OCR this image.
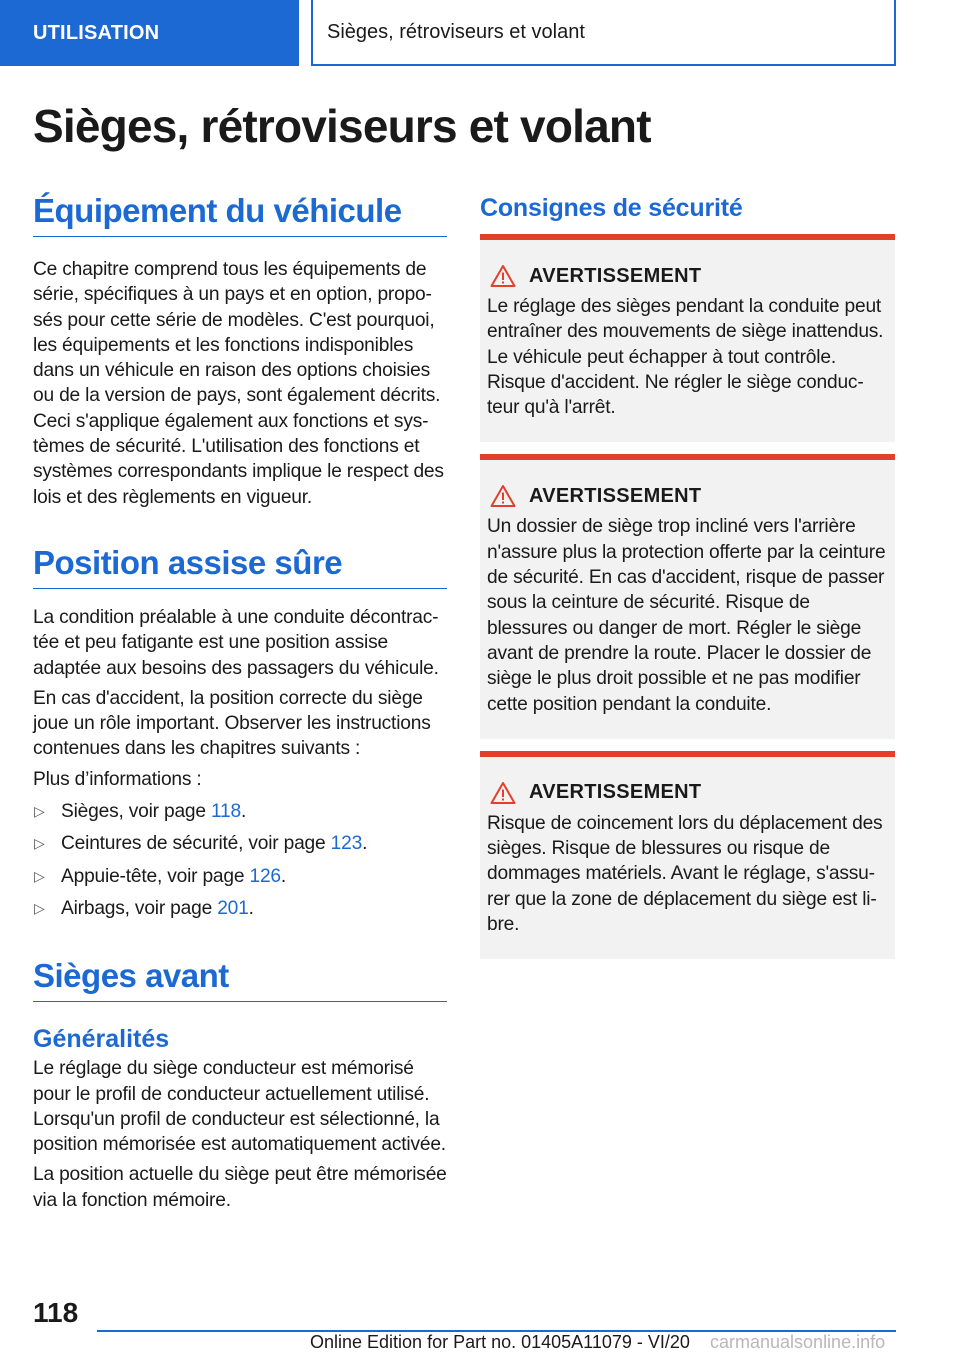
UTILISATION	Sièges, rétroviseurs et volant
Sièges, rétroviseurs et volant
Équipement du véhicule

Ce chapitre comprend tous les équipements de série, spécifiques à un pays et en option, proposés pour cette série de modèles. C'est pourquoi, les équipements et les fonctions indisponibles dans un véhicule en raison des options choisies ou de la version de pays, sont également décrits. Ceci s'applique également aux fonctions et systèmes de sécurité. L'utilisation des fonctions et systèmes correspondants implique le respect des lois et des règlements en vigueur.

Position assise sûre

La condition préalable à une conduite décontractée et peu fatigante est une position assise adaptée aux besoins des passagers du véhicule.

En cas d'accident, la position correcte du siège joue un rôle important. Observer les instructions contenues dans les chapitres suivants :

Plus d’informations :

▷ Sièges, voir page 118.
▷ Ceintures de sécurité, voir page 123.
▷ Appuie-tête, voir page 126.
▷ Airbags, voir page 201.
Sièges avant
Généralités

Le réglage du siège conducteur est mémorisé pour le profil de conducteur actuellement utilisé. Lorsqu'un profil de conducteur est sélectionné, la position mémorisée est automatiquement activée.

La position actuelle du siège peut être mémorisée via la fonction mémoire.

Consignes de sécurité
AVERTISSEMENT

Le réglage des sièges pendant la conduite peut entraîner des mouvements de siège inattendus. Le véhicule peut échapper à tout contrôle. Risque d'accident. Ne régler le siège conducteur qu'à l'arrêt.

AVERTISSEMENT

Un dossier de siège trop incliné vers l'arrière n'assure plus la protection offerte par la ceinture de sécurité. En cas d'accident, risque de passer sous la ceinture de sécurité. Risque de blessures ou danger de mort. Régler le siège avant de prendre la route. Placer le dossier de siège le plus droit possible et ne pas modifier cette position pendant la conduite.

AVERTISSEMENT

Risque de coincement lors du déplacement des sièges. Risque de blessures ou risque de dommages matériels. Avant le réglage, s'assurer que la zone de déplacement du siège est libre.

118
Online Edition for Part no. 01405A11079 - VI/20 carmanualsonline.info
